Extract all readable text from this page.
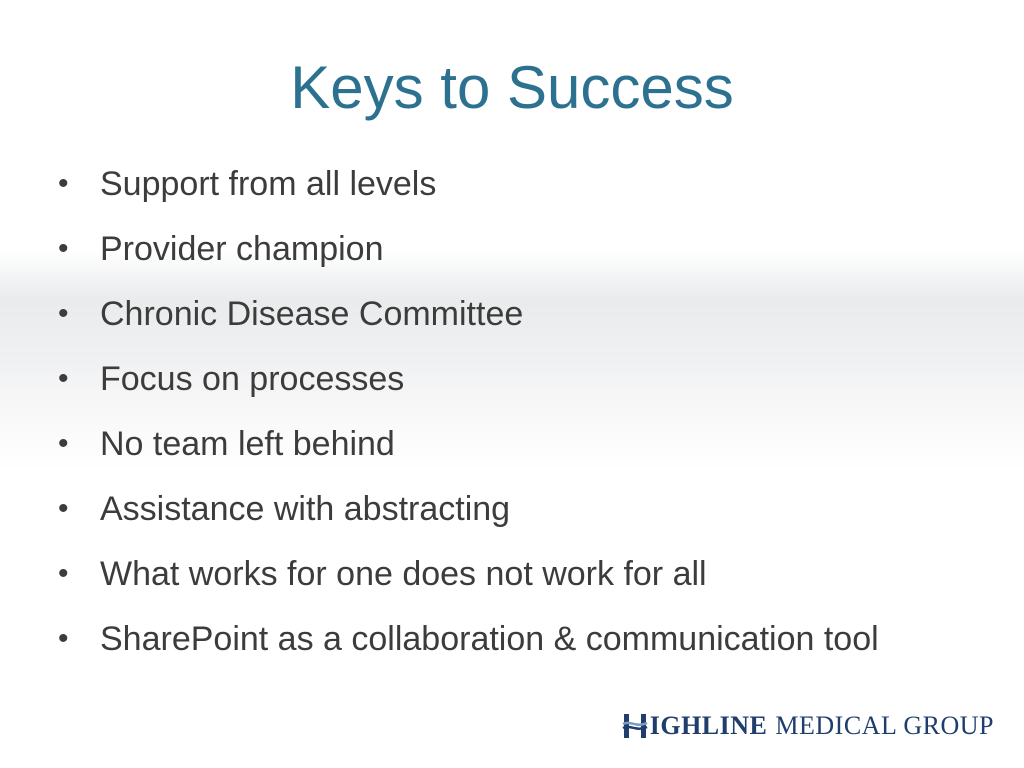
Keys to Success
• Support from all levels
• Provider champion
• Chronic Disease Committee
• Focus on processes
• No team left behind
• Assistance with abstracting
• What works for one does not work for all
• SharePoint as a collaboration & communication tool
IGHLINE MEDICAL GROUP
